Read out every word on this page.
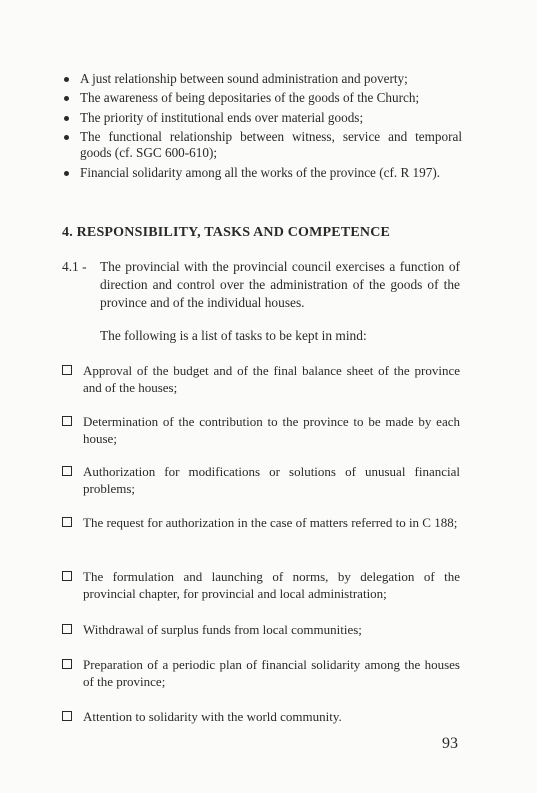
A just relationship between sound administration and poverty;
The awareness of being depositaries of the goods of the Church;
The priority of institutional ends over material goods;
The functional relationship between witness, service and temporal goods (cf. SGC 600-610);
Financial solidarity among all the works of the province (cf. R 197).
4. RESPONSIBILITY, TASKS AND COMPETENCE
4.1 - The provincial with the provincial council exercises a function of direction and control over the administration of the goods of the province and of the individual houses.
The following is a list of tasks to be kept in mind:
Approval of the budget and of the final balance sheet of the province and of the houses;
Determination of the contribution to the province to be made by each house;
Authorization for modifications or solutions of unusual financial problems;
The request for authorization in the case of matters referred to in C 188;
The formulation and launching of norms, by delegation of the provincial chapter, for provincial and local administration;
Withdrawal of surplus funds from local communities;
Preparation of a periodic plan of financial solidarity among the houses of the province;
Attention to solidarity with the world community.
93
